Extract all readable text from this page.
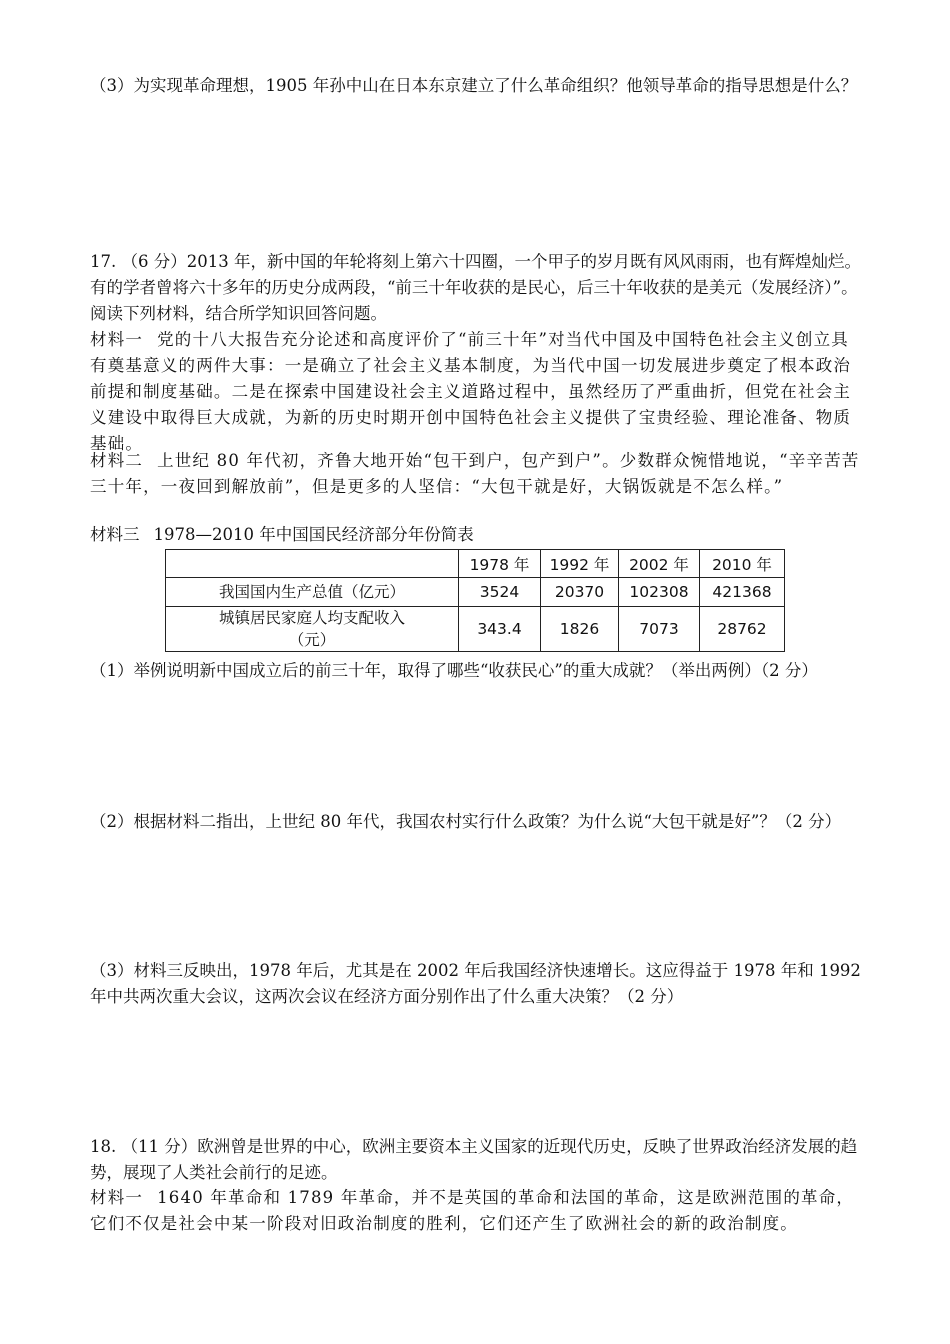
（3）为实现革命理想，1905 年孙中山在日本东京建立了什么革命组织？他领导革命的指导思想是什么？

17. （6 分）2013 年，新中国的年轮将刻上第六十四圈，一个甲子的岁月既有风风雨雨，也有辉煌灿烂。有的学者曾将六十多年的历史分成两段，“前三十年收获的是民心，后三十年收获的是美元（发展经济）”。阅读下列材料，结合所学知识回答问题。

材料一 党的十八大报告充分论述和高度评价了“前三十年”对当代中国及中国特色社会主义创立具有奠基意义的两件大事：一是确立了社会主义基本制度，为当代中国一切发展进步奠定了根本政治前提和制度基础。二是在探索中国建设社会主义道路过程中，虽然经历了严重曲折，但党在社会主义建设中取得巨大成就，为新的历史时期开创中国特色社会主义提供了宝贵经验、理论准备、物质基础。

材料二 上世纪 80 年代初，齐鲁大地开始“包干到户，包产到户”。少数群众惋惜地说，“辛辛苦苦三十年，一夜回到解放前”，但是更多的人坚信：“大包干就是好，大锅饭就是不怎么样。”

材料三 1978—2010 年中国国民经济部分年份简表

	1978 年	1992 年	2002 年	2010 年
我国国内生产总值（亿元）	3524	20370	102308	421368
城镇居民家庭人均支配收入
（元）	343.4	1826	7073	28762

（1）举例说明新中国成立后的前三十年，取得了哪些“收获民心”的重大成就？（举出两例）（2 分）

（2）根据材料二指出，上世纪 80 年代，我国农村实行什么政策？为什么说“大包干就是好”？（2 分）

（3）材料三反映出，1978 年后，尤其是在 2002 年后我国经济快速增长。这应得益于 1978 年和 1992 年中共两次重大会议，这两次会议在经济方面分别作出了什么重大决策？（2 分）

18. （11 分）欧洲曾是世界的中心，欧洲主要资本主义国家的近现代历史，反映了世界政治经济发展的趋势，展现了人类社会前行的足迹。

材料一 1640 年革命和 1789 年革命，并不是英国的革命和法国的革命，这是欧洲范围的革命，它们不仅是社会中某一阶段对旧政治制度的胜利，它们还产生了欧洲社会的新的政治制度。
